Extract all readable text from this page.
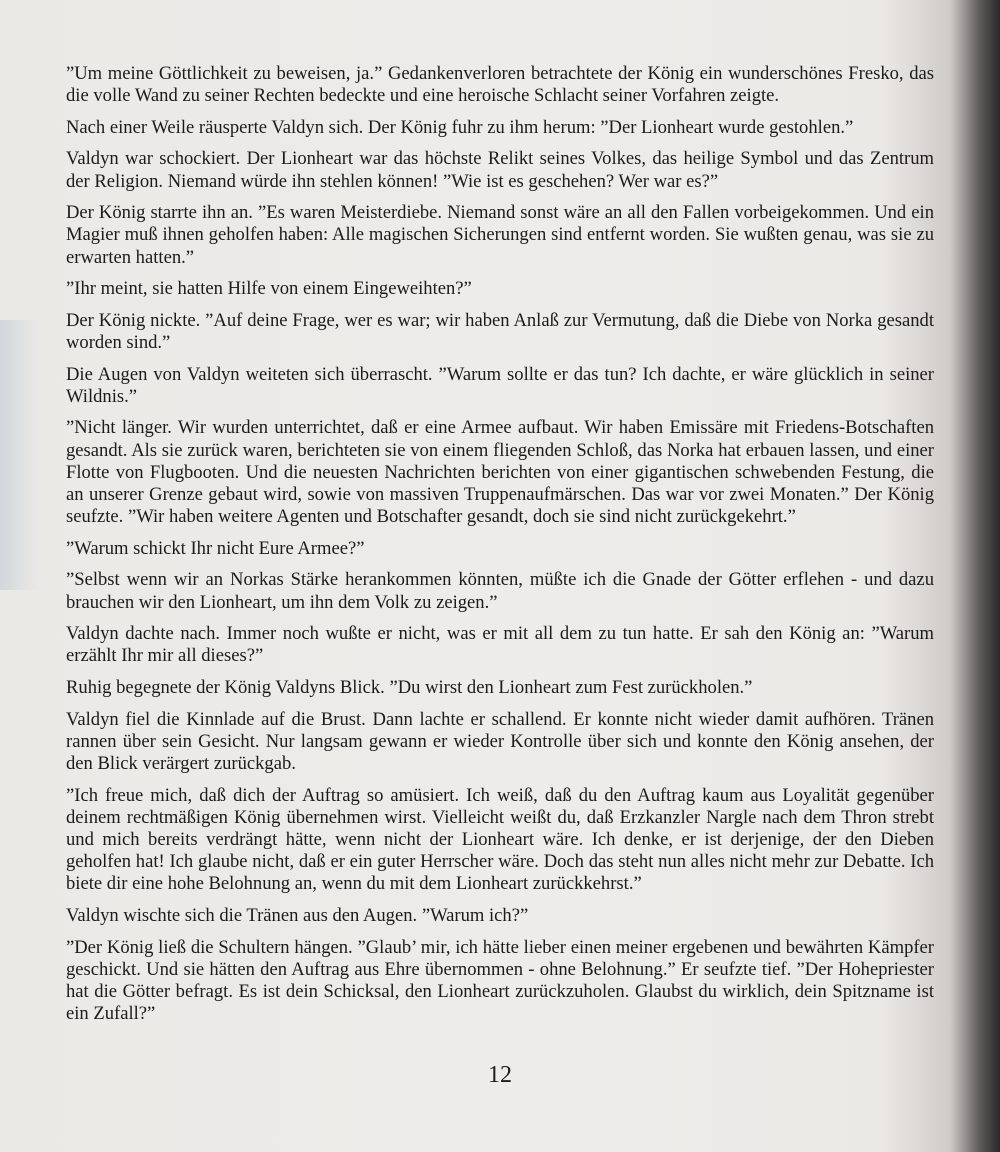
”Um meine Göttlichkeit zu beweisen, ja.” Gedankenverloren betrachtete der König ein wunderschönes Fresko, das die volle Wand zu seiner Rechten bedeckte und eine heroische Schlacht seiner Vorfahren zeigte.

Nach einer Weile räusperte Valdyn sich. Der König fuhr zu ihm herum: ”Der Lionheart wurde gestohlen.”

Valdyn war schockiert. Der Lionheart war das höchste Relikt seines Volkes, das heilige Symbol und das Zentrum der Religion. Niemand würde ihn stehlen können! ”Wie ist es geschehen? Wer war es?”

Der König starrte ihn an. ”Es waren Meisterdiebe. Niemand sonst wäre an all den Fallen vorbeigekommen. Und ein Magier muß ihnen geholfen haben: Alle magischen Sicherungen sind entfernt worden. Sie wußten genau, was sie zu erwarten hatten.”

”Ihr meint, sie hatten Hilfe von einem Eingeweihten?”

Der König nickte. ”Auf deine Frage, wer es war; wir haben Anlaß zur Vermutung, daß die Diebe von Norka gesandt worden sind.”

Die Augen von Valdyn weiteten sich überrascht. ”Warum sollte er das tun? Ich dachte, er wäre glücklich in seiner Wildnis.”

”Nicht länger. Wir wurden unterrichtet, daß er eine Armee aufbaut. Wir haben Emissäre mit Friedens-Botschaften gesandt. Als sie zurück waren, berichteten sie von einem fliegenden Schloß, das Norka hat erbauen lassen, und einer Flotte von Flugbooten. Und die neuesten Nachrichten berichten von einer gigantischen schwebenden Festung, die an unserer Grenze gebaut wird, sowie von massiven Truppenaufmärschen. Das war vor zwei Monaten.” Der König seufzte. ”Wir haben weitere Agenten und Botschafter gesandt, doch sie sind nicht zurückgekehrt.”

”Warum schickt Ihr nicht Eure Armee?”

”Selbst wenn wir an Norkas Stärke herankommen könnten, müßte ich die Gnade der Götter erflehen - und dazu brauchen wir den Lionheart, um ihn dem Volk zu zeigen.”

Valdyn dachte nach. Immer noch wußte er nicht, was er mit all dem zu tun hatte. Er sah den König an: ”Warum erzählt Ihr mir all dieses?”

Ruhig begegnete der König Valdyns Blick. ”Du wirst den Lionheart zum Fest zurückholen.”

Valdyn fiel die Kinnlade auf die Brust. Dann lachte er schallend. Er konnte nicht wieder damit aufhören. Tränen rannen über sein Gesicht. Nur langsam gewann er wieder Kontrolle über sich und konnte den König ansehen, der den Blick verärgert zurückgab.

”Ich freue mich, daß dich der Auftrag so amüsiert. Ich weiß, daß du den Auftrag kaum aus Loyalität gegenüber deinem rechtmäßigen König übernehmen wirst. Vielleicht weißt du, daß Erzkanzler Nargle nach dem Thron strebt und mich bereits verdrängt hätte, wenn nicht der Lionheart wäre. Ich denke, er ist derjenige, der den Dieben geholfen hat! Ich glaube nicht, daß er ein guter Herrscher wäre. Doch das steht nun alles nicht mehr zur Debatte. Ich biete dir eine hohe Belohnung an, wenn du mit dem Lionheart zurückkehrst.”

Valdyn wischte sich die Tränen aus den Augen. ”Warum ich?”

”Der König ließ die Schultern hängen. ”Glaub’ mir, ich hätte lieber einen meiner ergebenen und bewährten Kämpfer geschickt. Und sie hätten den Auftrag aus Ehre übernommen - ohne Belohnung.” Er seufzte tief. ”Der Hohepriester hat die Götter befragt. Es ist dein Schicksal, den Lionheart zurückzuholen. Glaubst du wirklich, dein Spitzname ist ein Zufall?”

12
